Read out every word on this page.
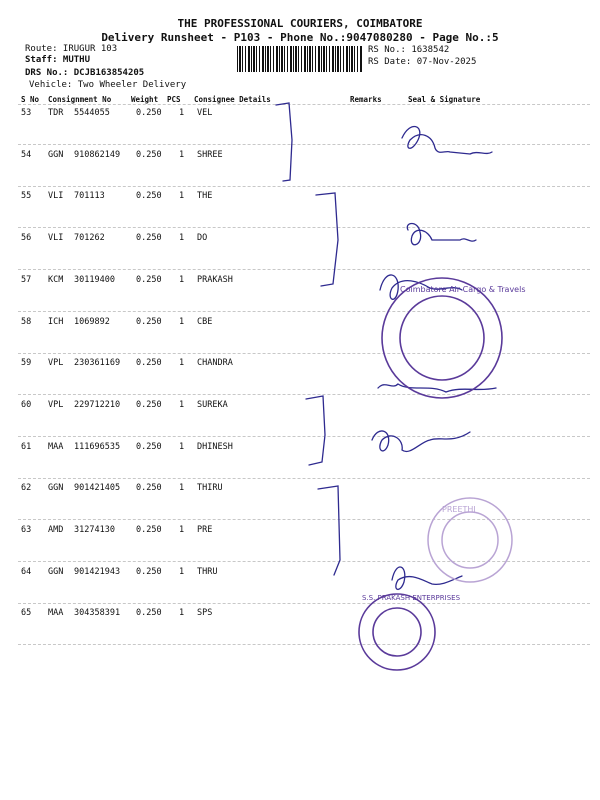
THE PROFESSIONAL COURIERS, COIMBATORE
Delivery Runsheet - P103 - Phone No.:9047080280 - Page No.:5
Route: IRUGUR 103
Staff: MUTHU
DRS No.: DCJB163854205
Vehicle: Two Wheeler Delivery
RS No.: 1638542
RS Date: 07-Nov-2025
S No Consignment No	Weight PCS Consignee Details	Remarks	Seal & Signature
53 TDR 5544055	0.250 1 VEL
54 GGN 910862149 0.250 1 SHREE
55 VLI 701113	0.250 1 THE
56 VLI 701262	0.250 1 DO
57 KCM 30119400 0.250 1 PRAKASH
58 ICH 1069892	0.250 1 CBE
59 VPL 230361169 0.250 1 CHANDRA
60 VPL 229712210 0.250 1 SUREKA
61 MAA 111696535 0.250 1 DHINESH
62 GGN 901421405 0.250 1 THIRU
63 AMD 31274130 0.250 1 PRE
64 GGN 901421943 0.250 1 THRU
65 MAA 304358391 0.250 1 SPS
Coimbatore Air Cargo & Travels
PREETHI
S.S. PRAKASH ENTERPRISES
